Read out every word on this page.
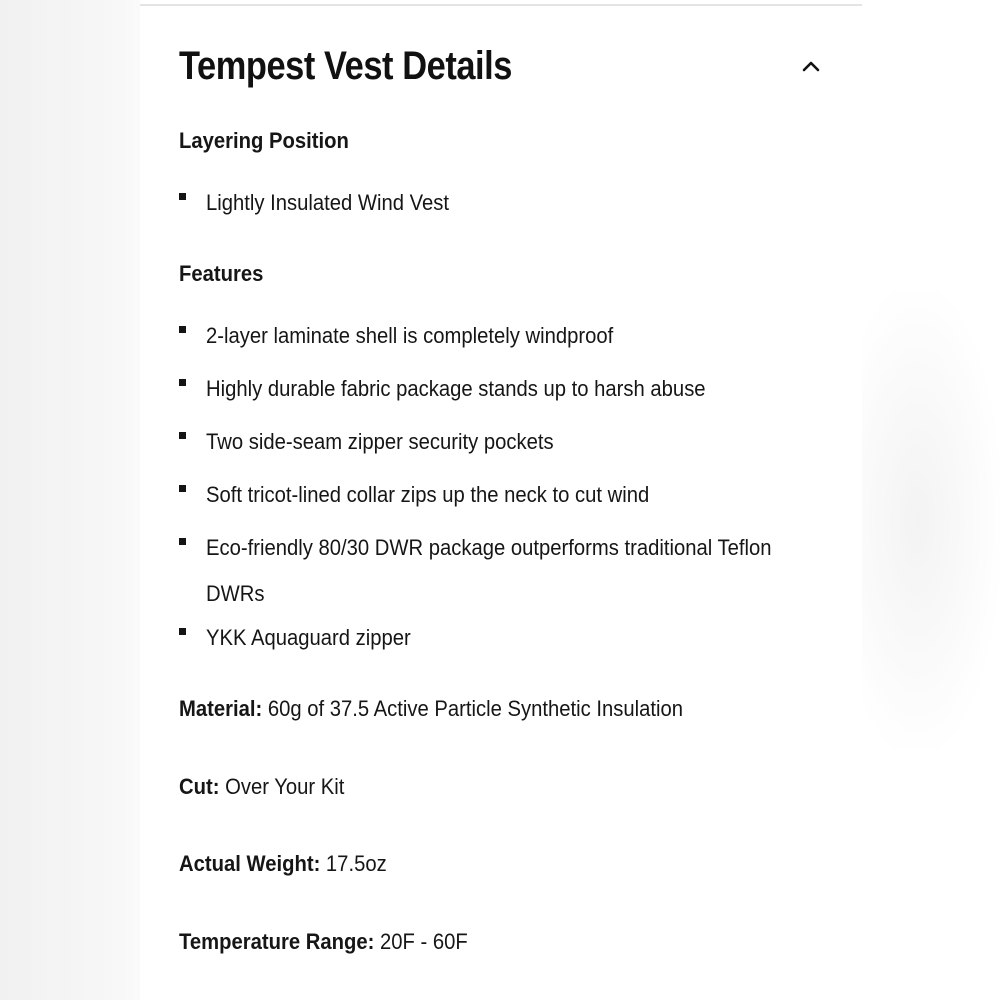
Tempest Vest Details
Layering Position
Lightly Insulated Wind Vest
Features
2-layer laminate shell is completely windproof
Highly durable fabric package stands up to harsh abuse
Two side-seam zipper security pockets
Soft tricot-lined collar zips up the neck to cut wind
Eco-friendly 80/30 DWR package outperforms traditional Teflon DWRs
YKK Aquaguard zipper
Material: 60g of 37.5 Active Particle Synthetic Insulation
Cut: Over Your Kit
Actual Weight: 17.5oz
Temperature Range: 20F - 60F
